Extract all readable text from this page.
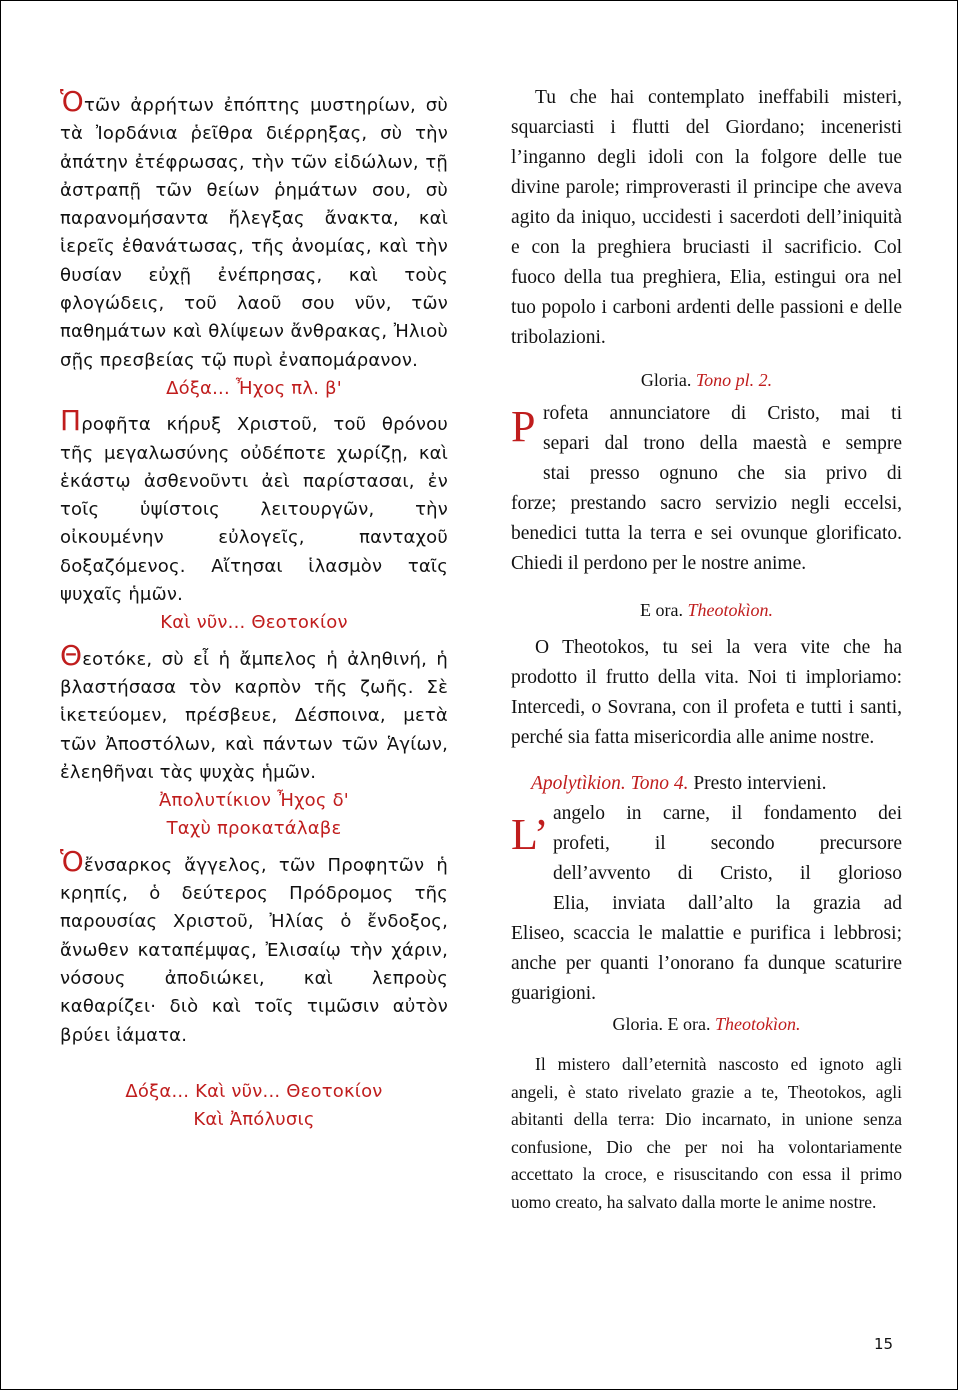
Ὁτῶν ἀρρήτων ἐπόπτης μυστηρίων, σὺ τὰ Ἰορδάνια ῥεῖθρα διέρρηξας, σὺ τὴν ἀπάτην ἐτέφρωσας, τὴν τῶν εἰδώλων, τῇ ἀστραπῇ τῶν θείων ῥημάτων σου, σὺ παρανομήσαντα ἤλεγξας ἄνακτα, καὶ ἱερεῖς ἐθανάτωσας, τῆς ἀνομίας, καὶ τὴν θυσίαν εὐχῇ ἐνέπρησας, καὶ τοὺς φλογώδεις, τοῦ λαοῦ σου νῦν, τῶν παθημάτων καὶ θλίψεων ἄνθρακας, Ἠλιοὺ σῇς πρεσβείας τῷ πυρὶ ἐναπομάρανον.

Δόξα... Ἦχος πλ. β'

Προφῆτα κήρυξ Χριστοῦ, τοῦ θρόνου τῆς μεγαλωσύνης οὐδέποτε χωρίζῃ, καὶ ἑκάστῳ ἀσθενοῦντι ἀεὶ παρίστασαι, ἐν τοῖς ὑψίστοις λειτουργῶν, τὴν οἰκουμένην εὐλογεῖς, πανταχοῦ δοξαζόμενος. Αἴτησαι ἱλασμὸν ταῖς ψυχαῖς ἡμῶν.

Καὶ νῦν... Θεοτοκίον

Θεοτόκε, σὺ εἶ ἡ ἄμπελος ἡ ἀληθινή, ἡ βλαστήσασα τὸν καρπὸν τῆς ζωῆς. Σὲ ἱκετεύομεν, πρέσβευε, Δέσποινα, μετὰ τῶν Ἀποστόλων, καὶ πάντων τῶν Ἁγίων, ἐλεηθῆναι τὰς ψυχὰς ἡμῶν.

Ἀπολυτίκιον Ἦχος δ'

Ταχὺ προκατάλαβε

Ὁἔνσαρκος ἄγγελος, τῶν Προφητῶν ἡ κρηπίς, ὁ δεύτερος Πρόδρομος τῆς παρουσίας Χριστοῦ, Ἠλίας ὁ ἔνδοξος, ἄνωθεν καταπέμψας, Ἐλισαίῳ τὴν χάριν, νόσους ἀποδιώκει, καὶ λεπροὺς καθαρίζει· διὸ καὶ τοῖς τιμῶσιν αὐτὸν βρύει ἰάματα.

Δόξα... Καὶ νῦν... Θεοτοκίον

Καὶ Ἀπόλυσις

Tu che hai contemplato ineffabili misteri, squarciasti i flutti del Giordano; inceneristi l’inganno degli idoli con la folgore delle tue divine parole; rimproverasti il principe che aveva agito da iniquo, uccidesti i sacerdoti dell’iniquità e con la preghiera bruciasti il sacrificio. Col fuoco della tua preghiera, Elia, estingui ora nel tuo popolo i carboni ardenti delle passioni e delle tribolazioni.

Gloria. Tono pl. 2.

P rofeta annunciatore di Cristo, mai ti

separi dal trono della maestà e sempre

stai presso ognuno che sia privo di

forze; prestando sacro servizio negli eccelsi, benedici tutta la terra e sei ovunque glorificato. Chiedi il perdono per le nostre anime.

E ora. Theotokìon.

O Theotokos, tu sei la vera vite che ha prodotto il frutto della vita. Noi ti imploriamo: Intercedi, o Sovrana, con il profeta e tutti i santi, perché sia fatta misericordia alle anime nostre.

Apolytìkion. Tono 4. Presto intervieni.

L’ angelo in carne, il fondamento dei

profeti, il secondo precursore

dell’avvento di Cristo, il glorioso

Elia, inviata dall’alto la grazia ad

Eliseo, scaccia le malattie e purifica i lebbrosi; anche per quanti l’onorano fa dunque scaturire guarigioni.

Gloria. E ora. Theotokìon.

Il mistero dall’eternità nascosto ed ignoto agli angeli, è stato rivelato grazie a te, Theotokos, agli abitanti della terra: Dio incarnato, in unione senza confusione, Dio che per noi ha volontariamente accettato la croce, e risuscitando con essa il primo uomo creato, ha salvato dalla morte le anime nostre.

15
